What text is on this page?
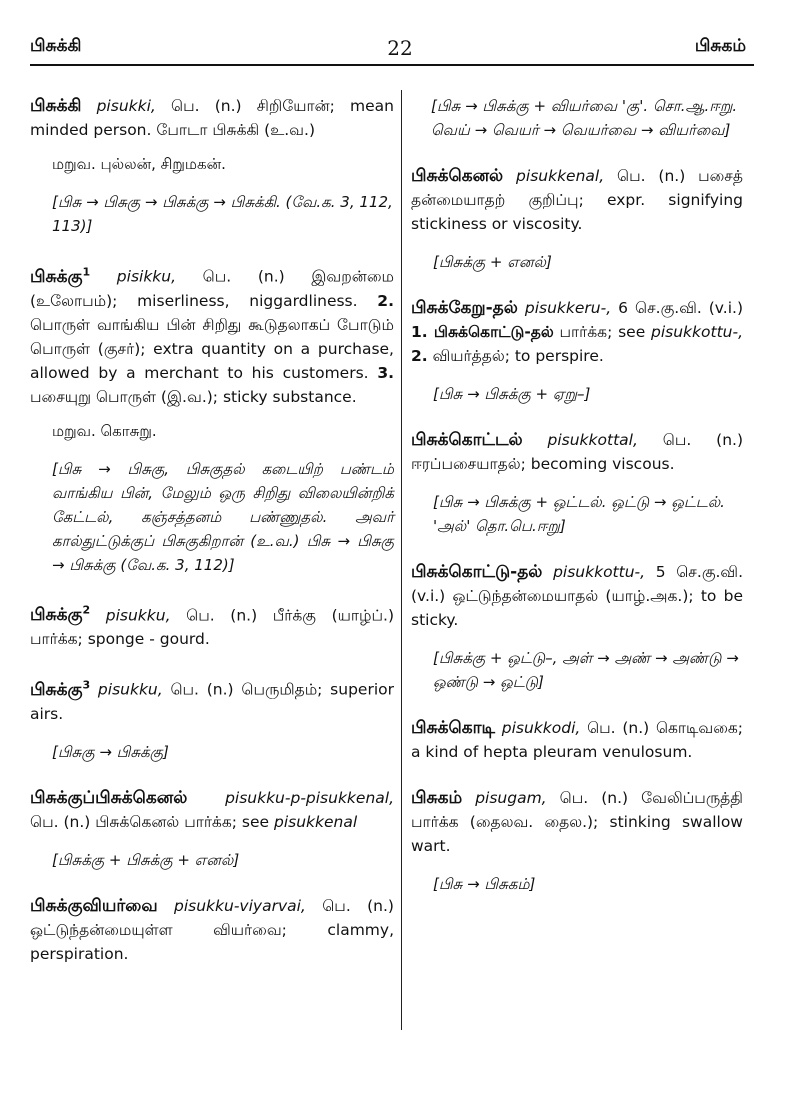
பிசுக்கி	22	பிசுகம்
பிசுக்கி pisukki, பெ. (n.) சிறியோன்; mean minded person. போடா பிசுக்கி (உ.வ.)
மறுவ. புல்லன், சிறுமகன்.
[பிசு → பிசுகு → பிசுக்கு → பிசுக்கி. (வே.க. 3, 112, 113)]
பிசுக்கு$^1$ pisikku, பெ. (n.) இவறன்மை (உலோபம்); miserliness, niggardliness. 2. பொருள் வாங்கிய பின் சிறிது கூடுதலாகப் போடும் பொருள் (குசர்); extra quantity on a purchase, allowed by a merchant to his customers. 3. பசையுறு பொருள் (இ.வ.); sticky substance.
மறுவ. கொசுறு.
[பிசு → பிசுகு, பிசுகுதல் கடையிற் பண்டம் வாங்கிய பின், மேலும் ஒரு சிறிது விலையின்றிக் கேட்டல், கஞ்சத்தனம் பண்ணுதல். அவர் கால்துட்டுக்குப் பிசுகுகிறான் (உ.வ.) பிசு → பிசுகு → பிசுக்கு (வே.க. 3, 112)]
பிசுக்கு$^2$ pisukku, பெ. (n.) பீர்க்கு (யாழ்ப்.) பார்க்க; sponge - gourd.
பிசுக்கு$^3$ pisukku, பெ. (n.) பெருமிதம்; superior airs.
[பிசுகு → பிசுக்கு]
பிசுக்குப்பிசுக்கெனல் pisukku-p-pisukkenal, பெ. (n.) பிசுக்கெனல் பார்க்க; see pisukkenal
[பிசுக்கு + பிசுக்கு + எனல்]
பிசுக்குவியர்வை pisukku-viyarvai, பெ. (n.) ஒட்டுந்தன்மையுள்ள வியர்வை; clammy, perspiration.
[பிசு → பிசுக்கு + வியர்வை 'கு'. சொ.ஆ.ஈறு. வெய் → வெயர் → வெயர்வை → வியர்வை]
பிசுக்கெனல் pisukkenal, பெ. (n.) பசைத் தன்மையாதற் குறிப்பு; expr. signifying stickiness or viscosity.
[பிசுக்கு + எனல்]
பிசுக்கேறு-தல் pisukkeru-, 6 செ.கு.வி. (v.i.) 1. பிசுக்கொட்டு-தல் பார்க்க; see pisukkottu-, 2. வியர்த்தல்; to perspire.
[பிசு → பிசுக்கு + ஏறு–]
பிசுக்கொட்டல் pisukkottal, பெ. (n.) ஈரப்பசையாதல்; becoming viscous.
[பிசு → பிசுக்கு + ஒட்டல். ஒட்டு → ஒட்டல். 'அல்' தொ.பெ.ஈறு]
பிசுக்கொட்டு-தல் pisukkottu-, 5 செ.கு.வி. (v.i.) ஒட்டுந்தன்மையாதல் (யாழ்.அக.); to be sticky.
[பிசுக்கு + ஒட்டு–, அள் → அண் → அண்டு → ஒண்டு → ஒட்டு]
பிசுக்கொடி pisukkodi, பெ. (n.) கொடிவகை; a kind of hepta pleuram venulosum.
பிசுகம் pisugam, பெ. (n.) வேலிப்பருத்தி பார்க்க (தைலவ. தைல.); stinking swallow wart.
[பிசு → பிசுகம்]
